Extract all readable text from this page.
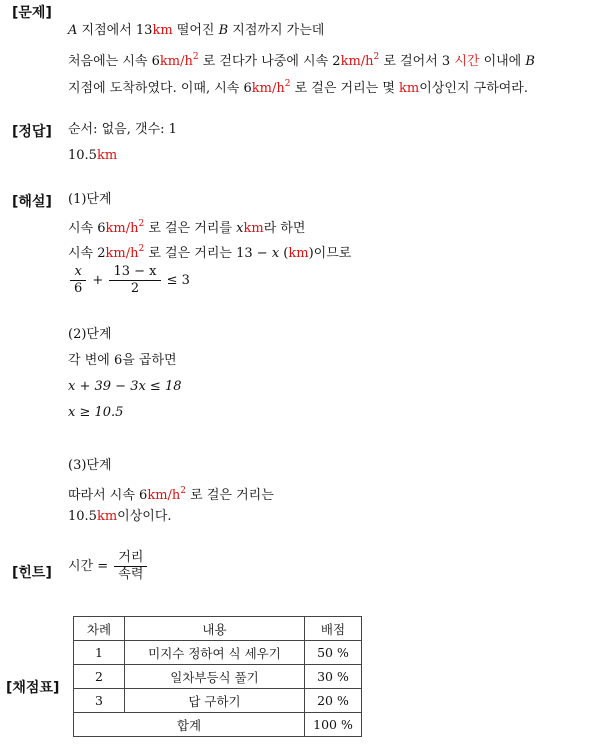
[문제]
A 지점에서 13km 떨어진 B 지점까지 가는데
처음에는 시속 $6km/h^2$ 로 걷다가 나중에 시속 $2km/h^2$ 로 걸어서 3 시간 이내에 B
지점에 도착하였다. 이때, 시속 $6km/h^2$ 로 걸은 거리는 몇 km이상인지 구하여라.
[정답] 순서: 없음, 갯수: 1
10.5km
[해설] (1)단계
시속 $6km/h^2$ 로 걸은 거리를 xkm라 하면
시속 $2km/h^2$ 로 걸은 거리는 13 − x (km)이므로
$\frac{x}{6} + \frac{13 - x}{2} \le 3$
(2)단계
각 변에 6을 곱하면
x + 39 − 3x ≤ 18
x ≥ 10.5
(3)단계
따라서 시속 $6km/h^2$ 로 걸은 거리는
10.5km이상이다.
[힌트] 시간 = $\frac{\text{거리}}{\text{속력}}$
[채점표]
차례	내용	배점
1	미지수 정하여 식 세우기	50 %
2	일차부등식 풀기	30 %
3	답 구하기	20 %
합계		100 %
